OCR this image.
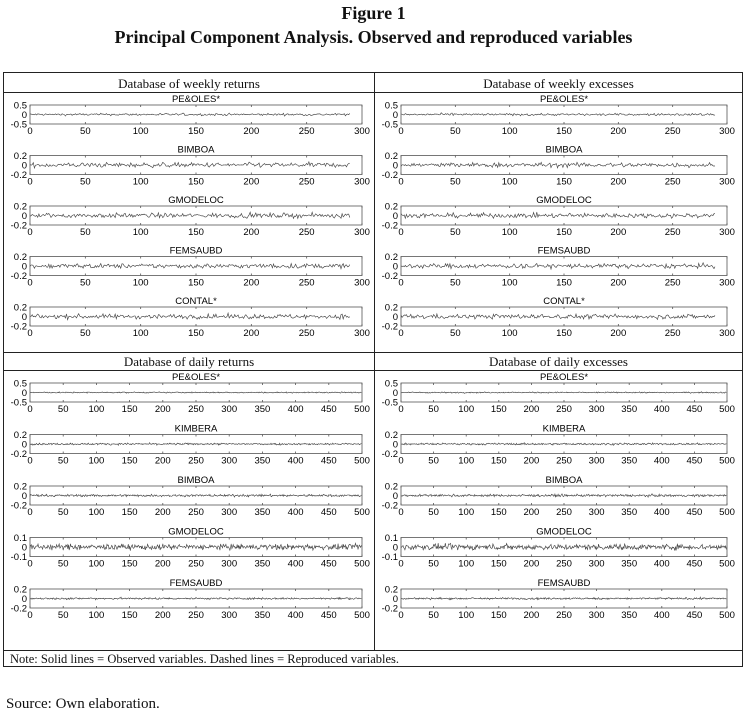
Figure 1
Principal Component Analysis. Observed and reproduced variables
Database of weekly returns	Database of weekly excesses
Database of daily returns	Database of daily excesses
Note: Solid lines = Observed variables. Dashed lines = Reproduced variables.
PE&OLES*
0.5
0
-0.5
0	50	100	150	200	250	300
BIMBOA
0.2
0
-0.2
0	50	100	150	200	250	300
GMODELOC
0.2
0
-0.2
0	50	100	150	200	250	300
FEMSAUBD
0.2
0
-0.2
0	50	100	150	200	250	300
CONTAL*
0.2
0
-0.2
0	50	100	150	200	250	300
PE&OLES*
0.5
0
-0.5
0	50	100	150	200	250	300
BIMBOA
0.2
0
-0.2
0	50	100	150	200	250	300
GMODELOC
0.2
0
-0.2
0	50	100	150	200	250	300
FEMSAUBD
0.2
0
-0.2
0	50	100	150	200	250	300
CONTAL*
0.2
0
-0.2
0	50	100	150	200	250	300
PE&OLES*
0.5
0
-0.5
0	50 100 150 200 250 300 350 400 450 500
KIMBERA
0.2
0
-0.2
0	50 100 150 200 250 300 350 400 450 500
BIMBOA
0.2
0
-0.2
0	50 100 150 200 250 300 350 400 450 500
GMODELOC
0.1
0
-0.1
0	50 100 150 200 250 300 350 400 450 500
FEMSAUBD
0.2
0
-0.2
0	50 100 150 200 250 300 350 400 450 500
PE&OLES*
0.5
0
-0.5
0	50 100 150 200 250 300 350 400 450 500
KIMBERA
0.2
0
-0.2
0	50 100 150 200 250 300 350 400 450 500
BIMBOA
0.2
0
-0.2
0	50 100 150 200 250 300 350 400 450 500
GMODELOC
0.1
0
-0.1
0	50 100 150 200 250 300 350 400 450 500
FEMSAUBD
0.2
0
-0.2
0	50 100 150 200 250 300 350 400 450 500
Source: Own elaboration.
